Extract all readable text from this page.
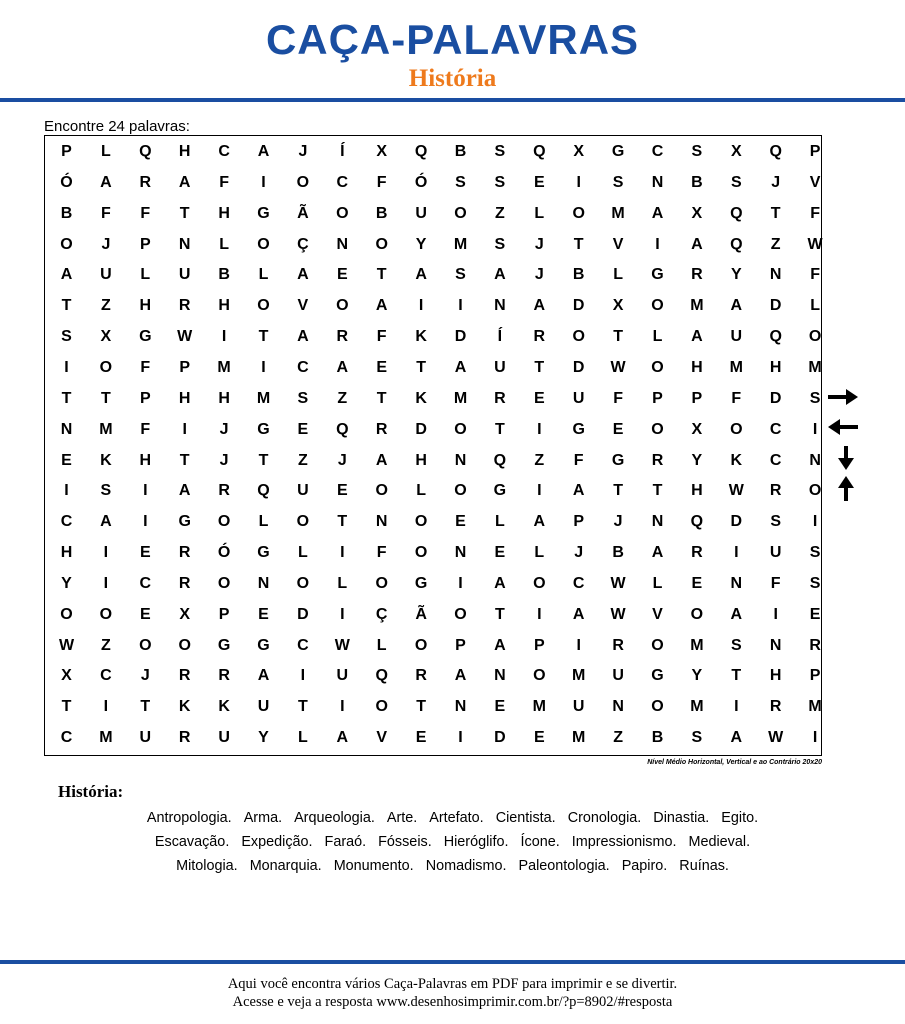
CAÇA-PALAVRAS
História
Encontre 24 palavras:
P	L	Q	H	C	A	J	Í	X	Q	B	S	Q	X	G	C	S	X	Q	P
Ó	A	R	A	F	I	O	C	F	Ó	S	S	E	I	S	N	B	S	J	V
B	F	F	T	H	G	Ã	O	B	U	O	Z	L	O	M	A	X	Q	T	F
O	J	P	N	L	O	Ç	N	O	Y	M	S	J	T	V	I	A	Q	Z	W
A	U	L	U	B	L	A	E	T	A	S	A	J	B	L	G	R	Y	N	F
T	Z	H	R	H	O	V	O	A	I	I	N	A	D	X	O	M	A	D	L
S	X	G	W	I	T	A	R	F	K	D	Í	R	O	T	L	A	U	Q	O
I	O	F	P	M	I	C	A	E	T	A	U	T	D	W	O	H	M	H	M
T	T	P	H	H	M	S	Z	T	K	M	R	E	U	F	P	P	F	D	S
N	M	F	I	J	G	E	Q	R	D	O	T	I	G	E	O	X	O	C	I
E	K	H	T	J	T	Z	J	A	H	N	Q	Z	F	G	R	Y	K	C	N
I	S	I	A	R	Q	U	E	O	L	O	G	I	A	T	T	H	W	R	O
C	A	I	G	O	L	O	T	N	O	E	L	A	P	J	N	Q	D	S	I
H	I	E	R	Ó	G	L	I	F	O	N	E	L	J	B	A	R	I	U	S
Y	I	C	R	O	N	O	L	O	G	I	A	O	C	W	L	E	N	F	S
O	O	E	X	P	E	D	I	Ç	Ã	O	T	I	A	W	V	O	A	I	E
W	Z	O	O	G	G	C	W	L	O	P	A	P	I	R	O	M	S	N	R
X	C	J	R	R	A	I	U	Q	R	A	N	O	M	U	G	Y	T	H	P
T	I	T	K	K	U	T	I	O	T	N	E	M	U	N	O	M	I	R	M
C	M	U	R	U	Y	L	A	V	E	I	D	E	M	Z	B	S	A	W	I
Nível Médio Horizontal, Vertical e ao Contrário 20x20
História:
Antropologia. Arma. Arqueologia. Arte. Artefato. Cientista. Cronologia. Dinastia. Egito.
Escavação. Expedição. Faraó. Fósseis. Hieróglifo. Ícone. Impressionismo. Medieval.
Mitologia. Monarquia. Monumento. Nomadismo. Paleontologia. Papiro. Ruínas.
Aqui você encontra vários Caça-Palavras em PDF para imprimir e se divertir.
Acesse e veja a resposta www.desenhosimprimir.com.br/?p=8902/#resposta
